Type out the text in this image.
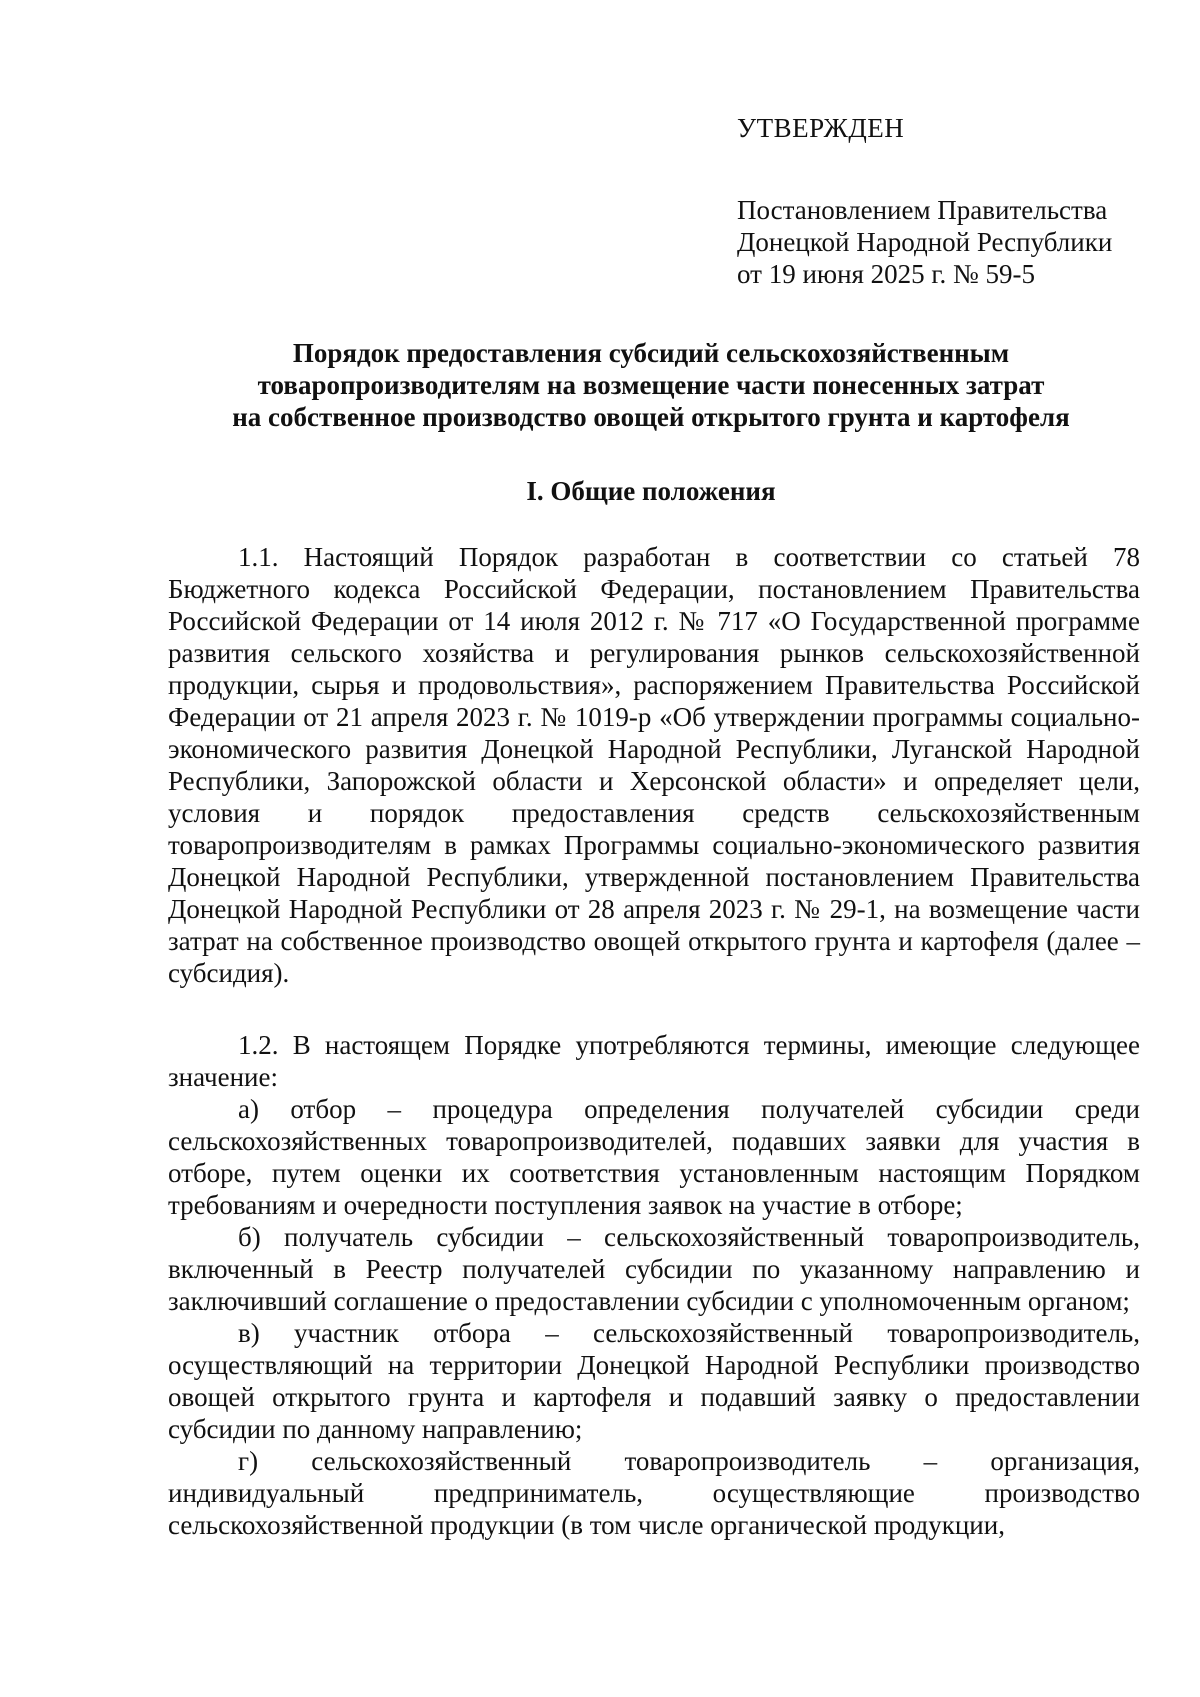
УТВЕРЖДЕН
Постановлением Правительства
Донецкой Народной Республики
от 19 июня 2025 г. № 59-5
Порядок предоставления субсидий сельскохозяйственным
товаропроизводителям на возмещение части понесенных затрат
на собственное производство овощей открытого грунта и картофеля
I. Общие положения

1.1. Настоящий Порядок разработан в соответствии со статьей 78 Бюджетного кодекса Российской Федерации, постановлением Правительства Российской Федерации от 14 июля 2012 г. № 717 «О Государственной программе развития сельского хозяйства и регулирования рынков сельскохозяйственной продукции, сырья и продовольствия», распоряжением Правительства Российской Федерации от 21 апреля 2023 г. № 1019-р «Об утверждении программы социально-экономического развития Донецкой Народной Республики, Луганской Народной Республики, Запорожской области и Херсонской области» и определяет цели, условия и порядок предоставления средств сельскохозяйственным товаропроизводителям в рамках Программы социально-экономического развития Донецкой Народной Республики, утвержденной постановлением Правительства Донецкой Народной Республики от 28 апреля 2023 г. № 29-1, на возмещение части затрат на собственное производство овощей открытого грунта и картофеля (далее – субсидия).

1.2. В настоящем Порядке употребляются термины, имеющие следующее значение:

а) отбор – процедура определения получателей субсидии среди сельскохозяйственных товаропроизводителей, подавших заявки для участия в отборе, путем оценки их соответствия установленным настоящим Порядком требованиям и очередности поступления заявок на участие в отборе;

б) получатель субсидии – сельскохозяйственный товаропроизводитель, включенный в Реестр получателей субсидии по указанному направлению и заключивший соглашение о предоставлении субсидии с уполномоченным органом;

в) участник отбора – сельскохозяйственный товаропроизводитель, осуществляющий на территории Донецкой Народной Республики производство овощей открытого грунта и картофеля и подавший заявку о предоставлении субсидии по данному направлению;

г) сельскохозяйственный товаропроизводитель – организация, индивидуальный предприниматель, осуществляющие производство сельскохозяйственной продукции (в том числе органической продукции,
